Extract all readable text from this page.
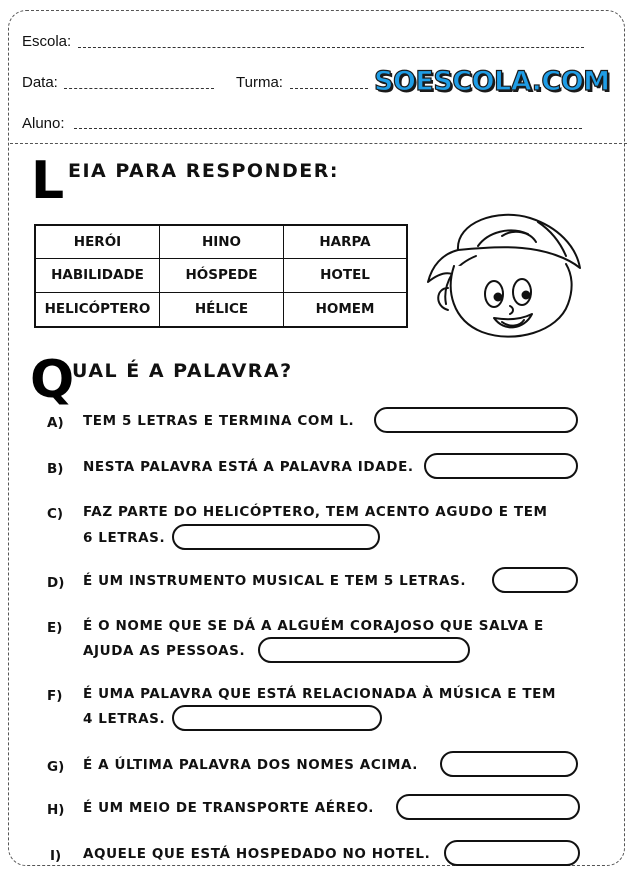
Escola:
Data:	Turma:	SOESCOLA.COM
Aluno:
L EIA PARA RESPONDER:
HERÓI	HINO	HARPA
HABILIDADE	HÓSPEDE	HOTEL
HELICÓPTERO	HÉLICE	HOMEM
Q
UAL É A PALAVRA?
A) TEM 5 LETRAS E TERMINA COM L.
B) NESTA PALAVRA ESTÁ A PALAVRA IDADE.
C) FAZ PARTE DO HELICÓPTERO, TEM ACENTO AGUDO E TEM
6 LETRAS.
D) É UM INSTRUMENTO MUSICAL E TEM 5 LETRAS.
E) É O NOME QUE SE DÁ A ALGUÉM CORAJOSO QUE SALVA E
AJUDA AS PESSOAS.
F) É UMA PALAVRA QUE ESTÁ RELACIONADA À MÚSICA E TEM
4 LETRAS.
G) É A ÚLTIMA PALAVRA DOS NOMES ACIMA.
H) É UM MEIO DE TRANSPORTE AÉREO.
I) AQUELE QUE ESTÁ HOSPEDADO NO HOTEL.
